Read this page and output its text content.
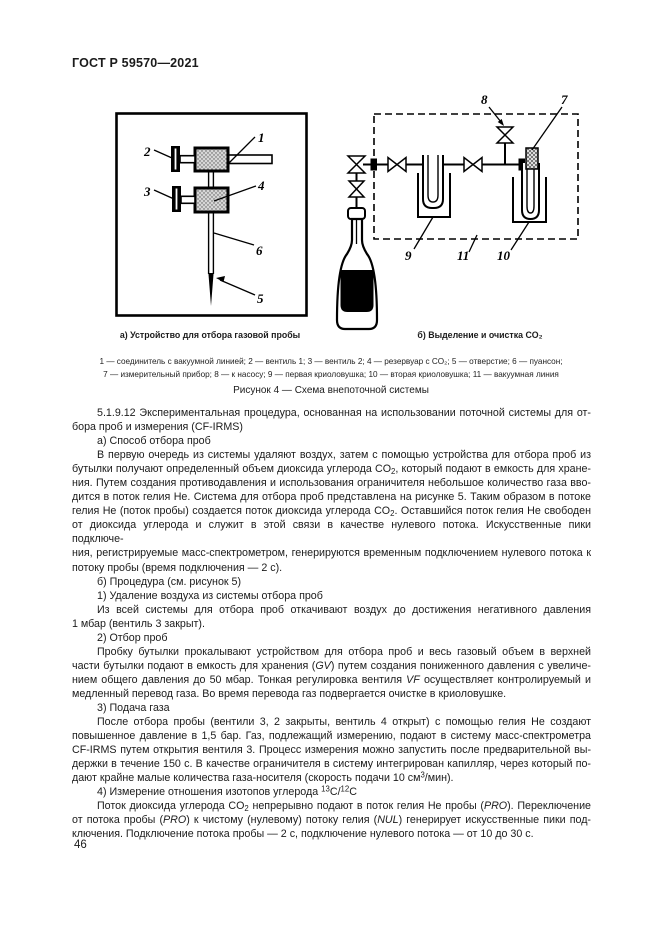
ГОСТ Р 59570—2021
1
2
3	4
6
5
8	7
9	11 10
а) Устройство для отбора газовой пробы	б) Выделение и очистка CO₂
1 — соединитель с вакуумной линией; 2 — вентиль 1; 3 — вентиль 2; 4 — резервуар с CO₂; 5 — отверстие; 6 — пуансон;
7 — измерительный прибор; 8 — к насосу; 9 — первая криоловушка; 10 — вторая криоловушка; 11 — вакуумная линия
Рисунок 4 — Схема внепоточной системы
5.1.9.12 Экспериментальная процедура, основанная на использовании поточной системы для от-
бора проб и измерения (CF-IRMS)
а) Способ отбора проб
В первую очередь из системы удаляют воздух, затем с помощью устройства для отбора проб из
бутылки получают определенный объем диоксида углерода $CO_2$, который подают в емкость для хране-
ния. Путем создания противодавления и использования ограничителя небольшое количество газа вво-
дится в поток гелия He. Система для отбора проб представлена на рисунке 5. Таким образом в потоке
гелия He (поток пробы) создается поток диоксида углерода $CO_2$. Оставшийся поток гелия He свободен
от диоксида углерода и служит в этой связи в качестве нулевого потока. Искусственные пики подключе-
ния, регистрируемые масс-спектрометром, генерируются временным подключением нулевого потока к
потоку пробы (время подключения — 2 с).
б) Процедура (см. рисунок 5)
1) Удаление воздуха из системы отбора проб
Из всей системы для отбора проб откачивают воздух до достижения негативного давления
1 мбар (вентиль 3 закрыт).
2) Отбор проб
Пробку бутылки прокалывают устройством для отбора проб и весь газовый объем в верхней
части бутылки подают в емкость для хранения (GV) путем создания пониженного давления с увеличе-
нием общего давления до 50 мбар. Тонкая регулировка вентиля VF осуществляет контролируемый и
медленный перевод газа. Во время перевода газ подвергается очистке в криоловушке.
3) Подача газа
После отбора пробы (вентили 3, 2 закрыты, вентиль 4 открыт) с помощью гелия He создают
повышенное давление в 1,5 бар. Газ, подлежащий измерению, подают в систему масс-спектрометра
CF-IRMS путем открытия вентиля 3. Процесс измерения можно запустить после предварительной вы-
держки в течение 150 с. В качестве ограничителя в систему интегрирован капилляр, через который по-
дают крайне малые количества газа-носителя (скорость подачи 10 $см^3/мин$).
4) Измерение отношения изотопов углерода $^{13}$C/$^{12}$C
Поток диоксида углерода $CO_2$ непрерывно подают в поток гелия He пробы (PRO). Переключение
от потока пробы (PRO) к чистому (нулевому) потоку гелия (NUL) генерирует искусственные пики под-
ключения. Подключение потока пробы — 2 с, подключение нулевого потока — от 10 до 30 с.
46
